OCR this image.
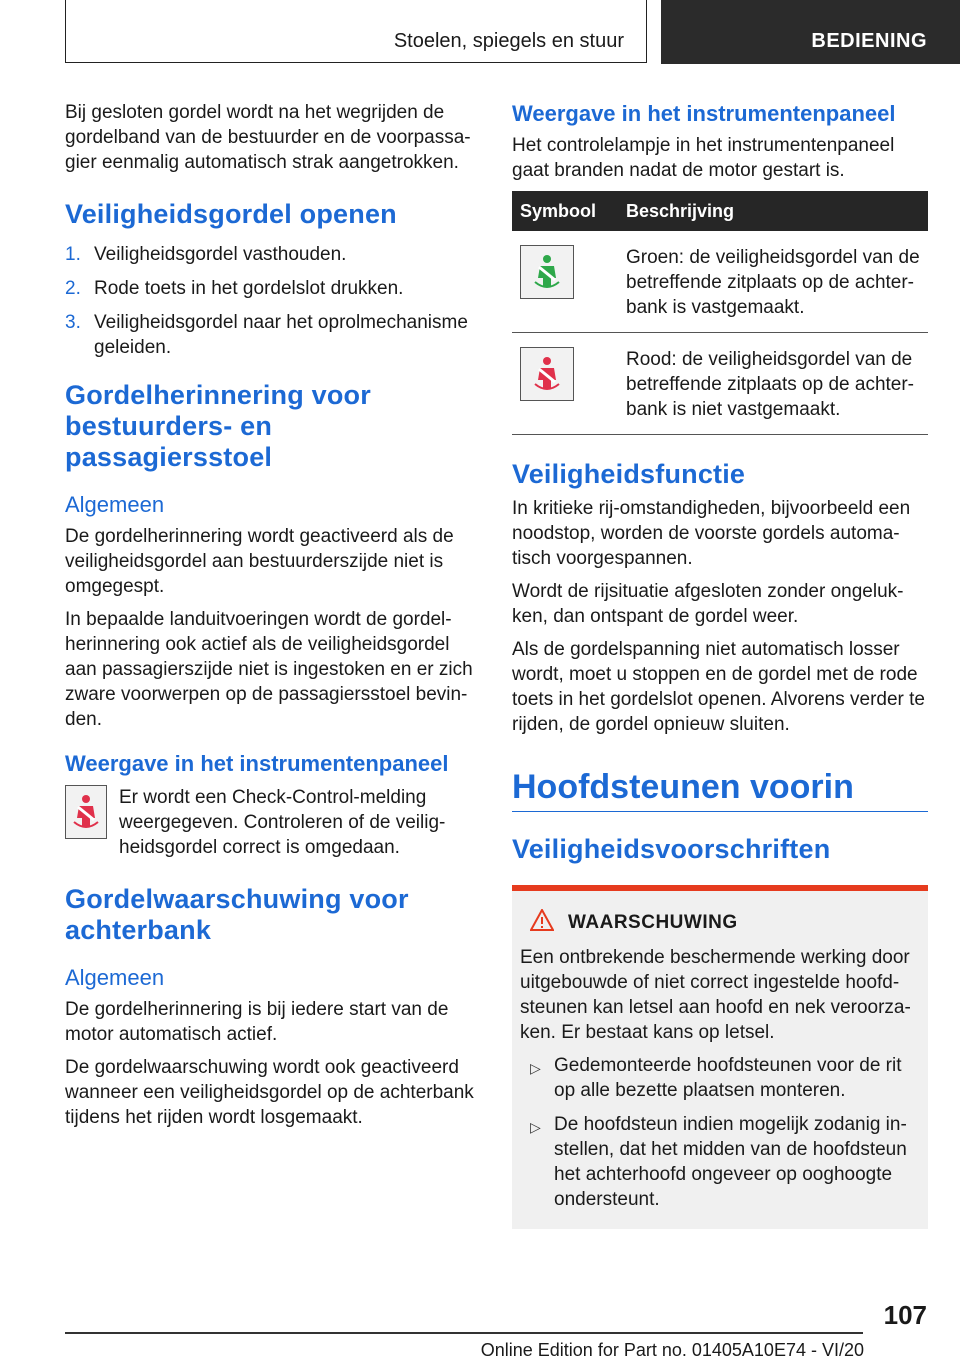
Stoelen, spiegels en stuur	BEDIENING

Bij gesloten gordel wordt na het wegrijden de gordelband van de bestuurder en de voorpassa-gier eenmalig automatisch strak aangetrokken.

Veiligheidsgordel openen
1. Veiligheidsgordel vasthouden.
2. Rode toets in het gordelslot drukken.
3. Veiligheidsgordel naar het oprolmechanisme geleiden.
Gordelherinnering voor bestuurders- en passagiersstoel
Algemeen

De gordelherinnering wordt geactiveerd als de veiligheidsgordel aan bestuurderszijde niet is omgegespt.

In bepaalde landuitvoeringen wordt de gordel-herinnering ook actief als de veiligheidsgordel aan passagierszijde niet is ingestoken en er zich zware voorwerpen op de passagiersstoel bevin-den.

Weergave in het instrumentenpaneel

Er wordt een Check-Control-melding weergegeven. Controleren of de veilig-heidsgordel correct is omgedaan.

Gordelwaarschuwing voor achterbank
Algemeen

De gordelherinnering is bij iedere start van de motor automatisch actief.

De gordelwaarschuwing wordt ook geactiveerd wanneer een veiligheidsgordel op de achterbank tijdens het rijden wordt losgemaakt.

Weergave in het instrumentenpaneel

Het controlelampje in het instrumentenpaneel gaat branden nadat de motor gestart is.

Symbool	Beschrijving

	Groen: de veiligheidsgordel van de betreffende zitplaats op de achter-bank is vastgemaakt.

	Rood: de veiligheidsgordel van de betreffende zitplaats op de achter-bank is niet vastgemaakt.
Veiligheidsfunctie

In kritieke rij-omstandigheden, bijvoorbeeld een noodstop, worden de voorste gordels automa-tisch voorgespannen.

Wordt de rijsituatie afgesloten zonder ongeluk-ken, dan ontspant de gordel weer.

Als de gordelspanning niet automatisch losser wordt, moet u stoppen en de gordel met de rode toets in het gordelslot openen. Alvorens verder te rijden, de gordel opnieuw sluiten.

Hoofdsteunen voorin
Veiligheidsvoorschriften
WAARSCHUWING

Een ontbrekende beschermende werking door uitgebouwde of niet correct ingestelde hoofd-steunen kan letsel aan hoofd en nek veroorza-ken. Er bestaat kans op letsel.

▷ Gedemonteerde hoofdsteunen voor de rit op alle bezette plaatsen monteren.
▷ De hoofdsteun indien mogelijk zodanig in-stellen, dat het midden van de hoofdsteun het achterhoofd ongeveer op ooghoogte ondersteunt.
107
Online Edition for Part no. 01405A10E74 - VI/20
